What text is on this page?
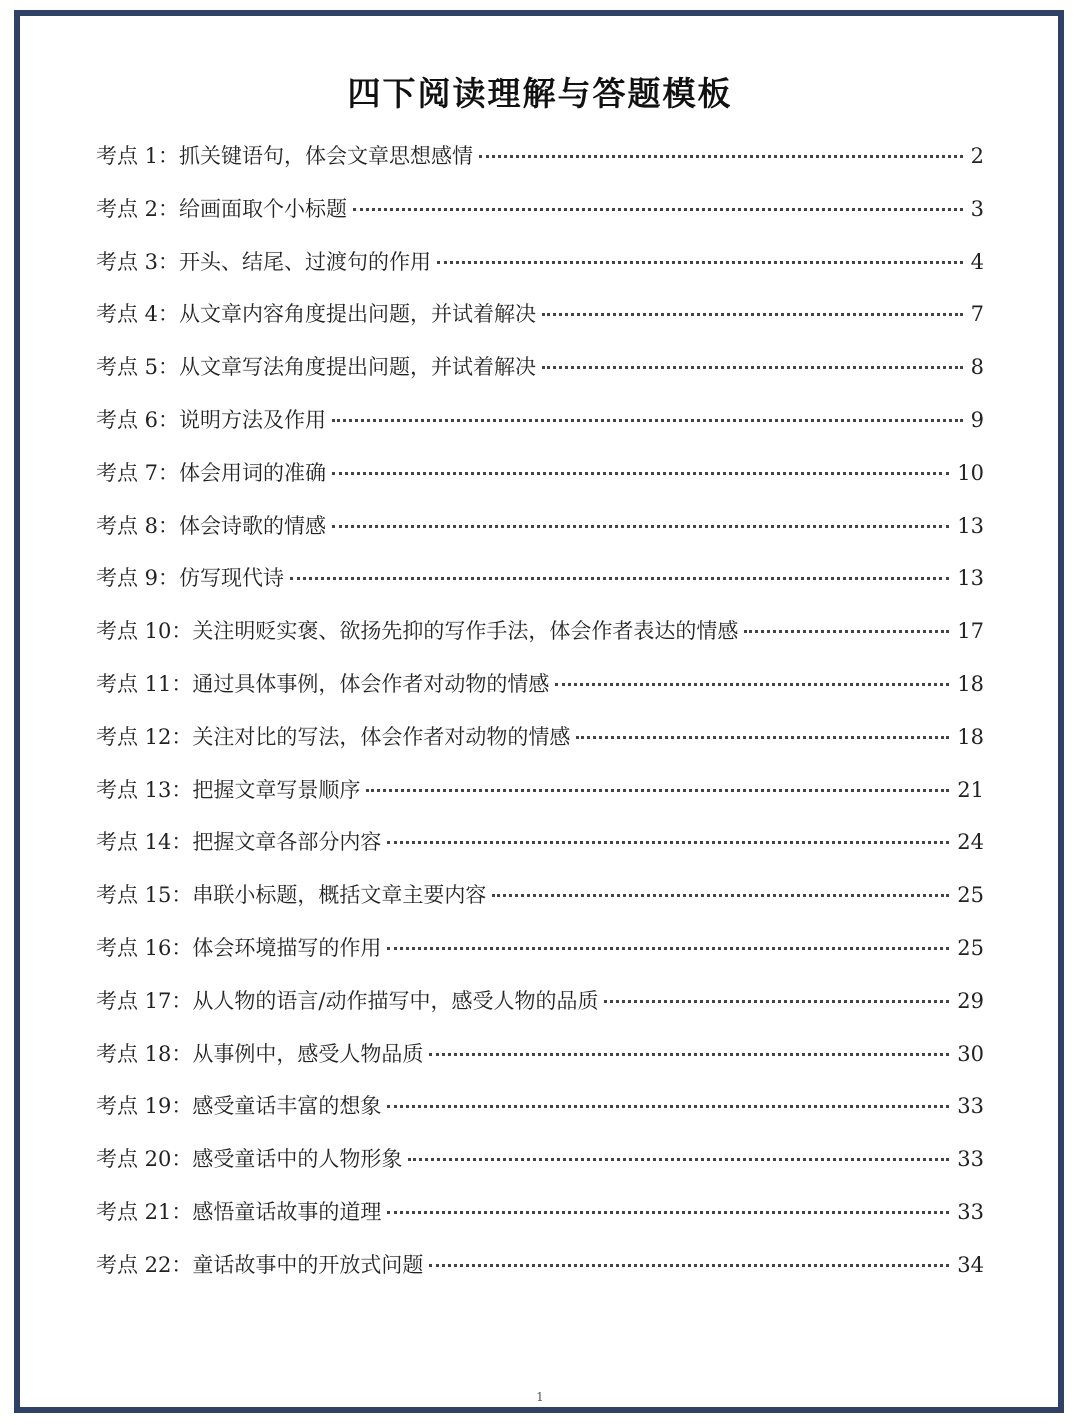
四下阅读理解与答题模板
考点 1： 抓关键语句，体会文章思想感情	2
考点 2： 给画面取个小标题	3
考点 3： 开头、结尾、过渡句的作用	4
考点 4： 从文章内容角度提出问题，并试着解决	7
考点 5： 从文章写法角度提出问题，并试着解决	8
考点 6： 说明方法及作用	9
考点 7： 体会用词的准确	10
考点 8： 体会诗歌的情感	13
考点 9： 仿写现代诗	13
考点 10： 关注明贬实褒、欲扬先抑的写作手法，体会作者表达的情感	17
考点 11： 通过具体事例，体会作者对动物的情感	18
考点 12： 关注对比的写法，体会作者对动物的情感	18
考点 13： 把握文章写景顺序	21
考点 14： 把握文章各部分内容	24
考点 15： 串联小标题，概括文章主要内容	25
考点 16： 体会环境描写的作用	25
考点 17： 从人物的语言/动作描写中，感受人物的品质	29
考点 18： 从事例中，感受人物品质	30
考点 19： 感受童话丰富的想象	33
考点 20： 感受童话中的人物形象	33
考点 21： 感悟童话故事的道理	33
考点 22： 童话故事中的开放式问题	34
1
